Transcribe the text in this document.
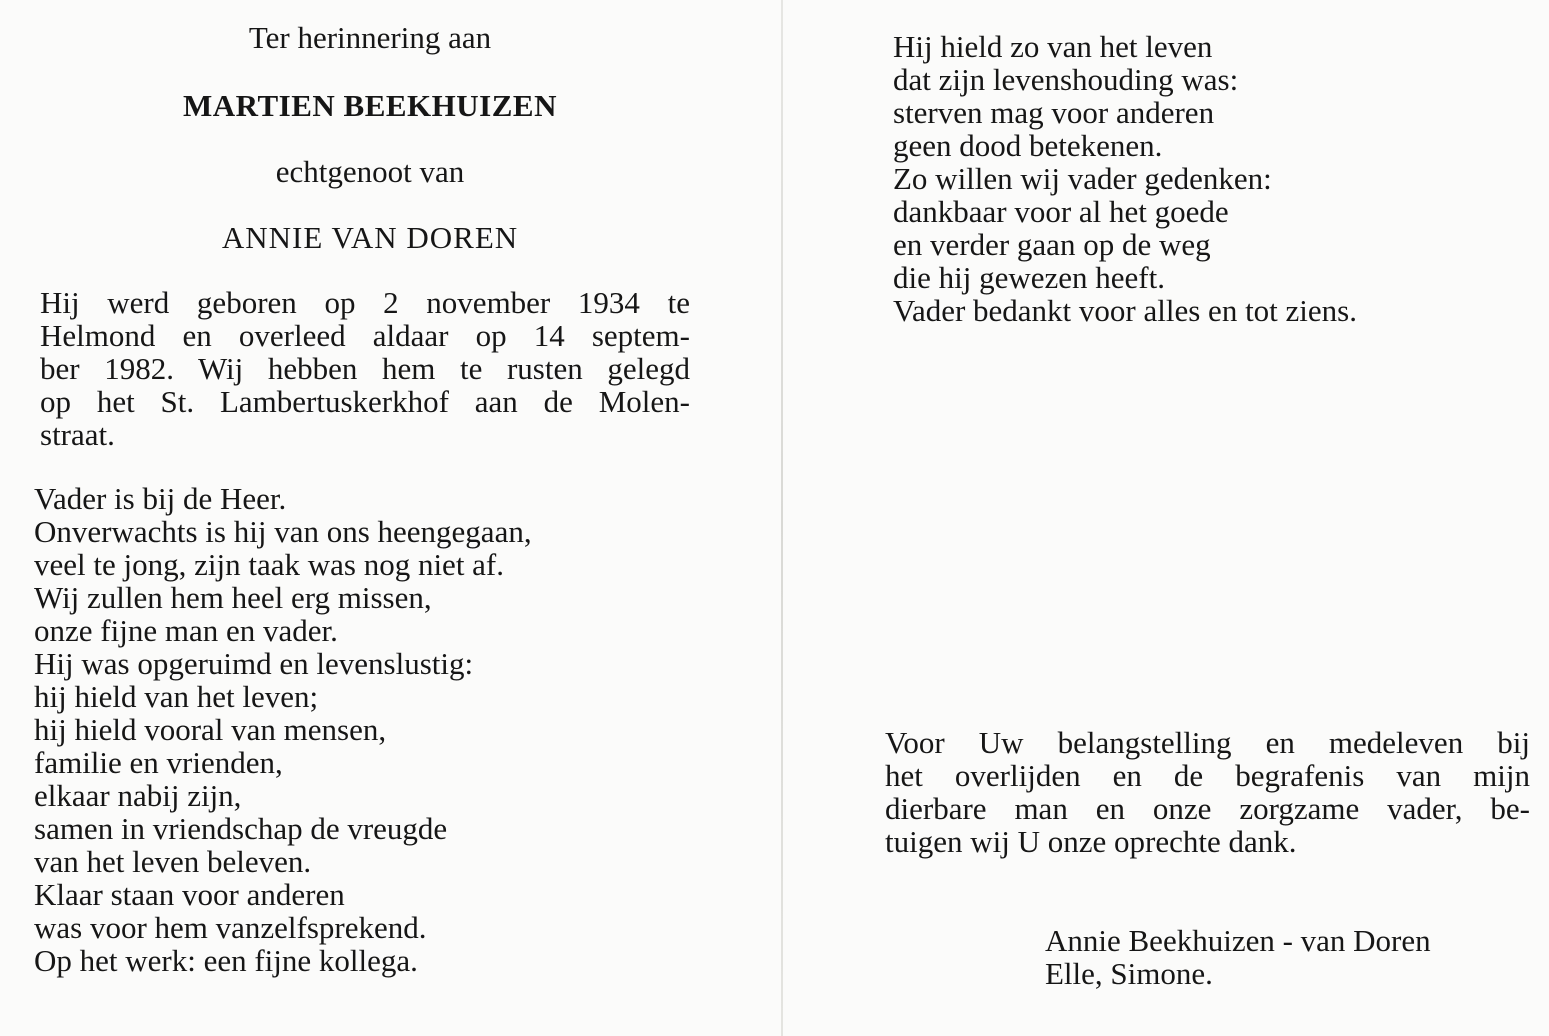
Ter herinnering aan
MARTIEN BEEKHUIZEN
echtgenoot van
ANNIE VAN DOREN
Hij werd geboren op 2 november 1934 te
Helmond en overleed aldaar op 14 septem-
ber 1982. Wij hebben hem te rusten gelegd
op het St. Lambertuskerkhof aan de Molen-
straat.
Vader is bij de Heer.
Onverwachts is hij van ons heengegaan,
veel te jong, zijn taak was nog niet af.
Wij zullen hem heel erg missen,
onze fijne man en vader.
Hij was opgeruimd en levenslustig:
hij hield van het leven;
hij hield vooral van mensen,
familie en vrienden,
elkaar nabij zijn,
samen in vriendschap de vreugde
van het leven beleven.
Klaar staan voor anderen
was voor hem vanzelfsprekend.
Op het werk: een fijne kollega.
Hij hield zo van het leven
dat zijn levenshouding was:
sterven mag voor anderen
geen dood betekenen.
Zo willen wij vader gedenken:
dankbaar voor al het goede
en verder gaan op de weg
die hij gewezen heeft.
Vader bedankt voor alles en tot ziens.
Voor Uw belangstelling en medeleven bij
het overlijden en de begrafenis van mijn
dierbare man en onze zorgzame vader, be-
tuigen wij U onze oprechte dank.
Annie Beekhuizen - van Doren
Elle, Simone.
